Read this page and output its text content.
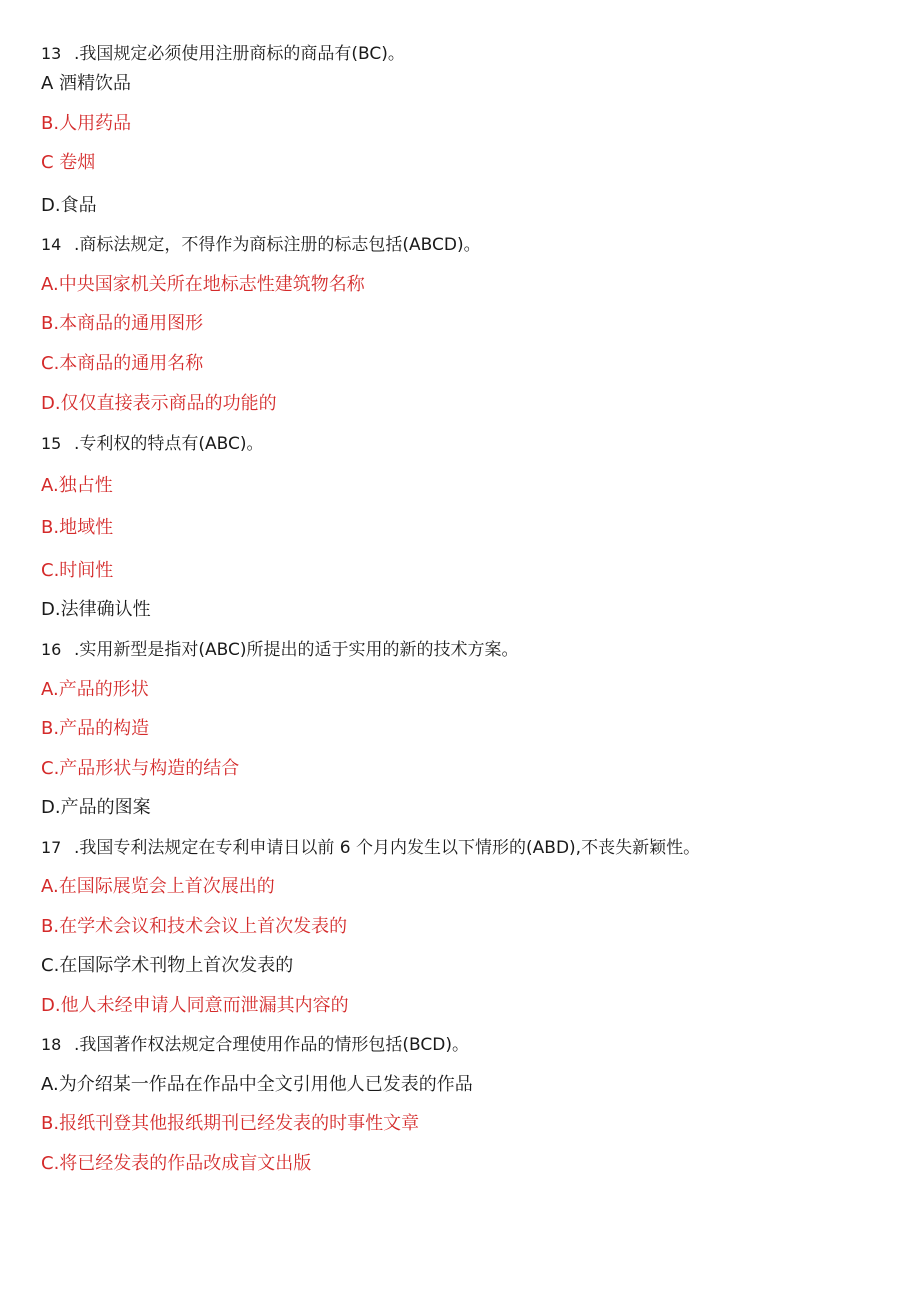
13 .我国规定必须使用注册商标的商品有(BC)。
A 酒精饮品
B.人用药品
C 卷烟
D.食品
14 .商标法规定，不得作为商标注册的标志包括(ABCD)。
A.中央国家机关所在地标志性建筑物名称
B.本商品的通用图形
C.本商品的通用名称
D.仅仅直接表示商品的功能的
15 .专利权的特点有(ABC)。
A.独占性
B.地域性
C.时间性
D.法律确认性
16 .实用新型是指对(ABC)所提出的适于实用的新的技术方案。
A.产品的形状
B.产品的构造
C.产品形状与构造的结合
D.产品的图案
17 .我国专利法规定在专利申请日以前 6 个月内发生以下情形的(ABD),不丧失新颖性。
A.在国际展览会上首次展出的
B.在学术会议和技术会议上首次发表的
C.在国际学术刊物上首次发表的
D.他人未经申请人同意而泄漏其内容的
18 .我国著作权法规定合理使用作品的情形包括(BCD)。
A.为介绍某一作品在作品中全文引用他人已发表的作品
B.报纸刊登其他报纸期刊已经发表的时事性文章
C.将已经发表的作品改成盲文出版
